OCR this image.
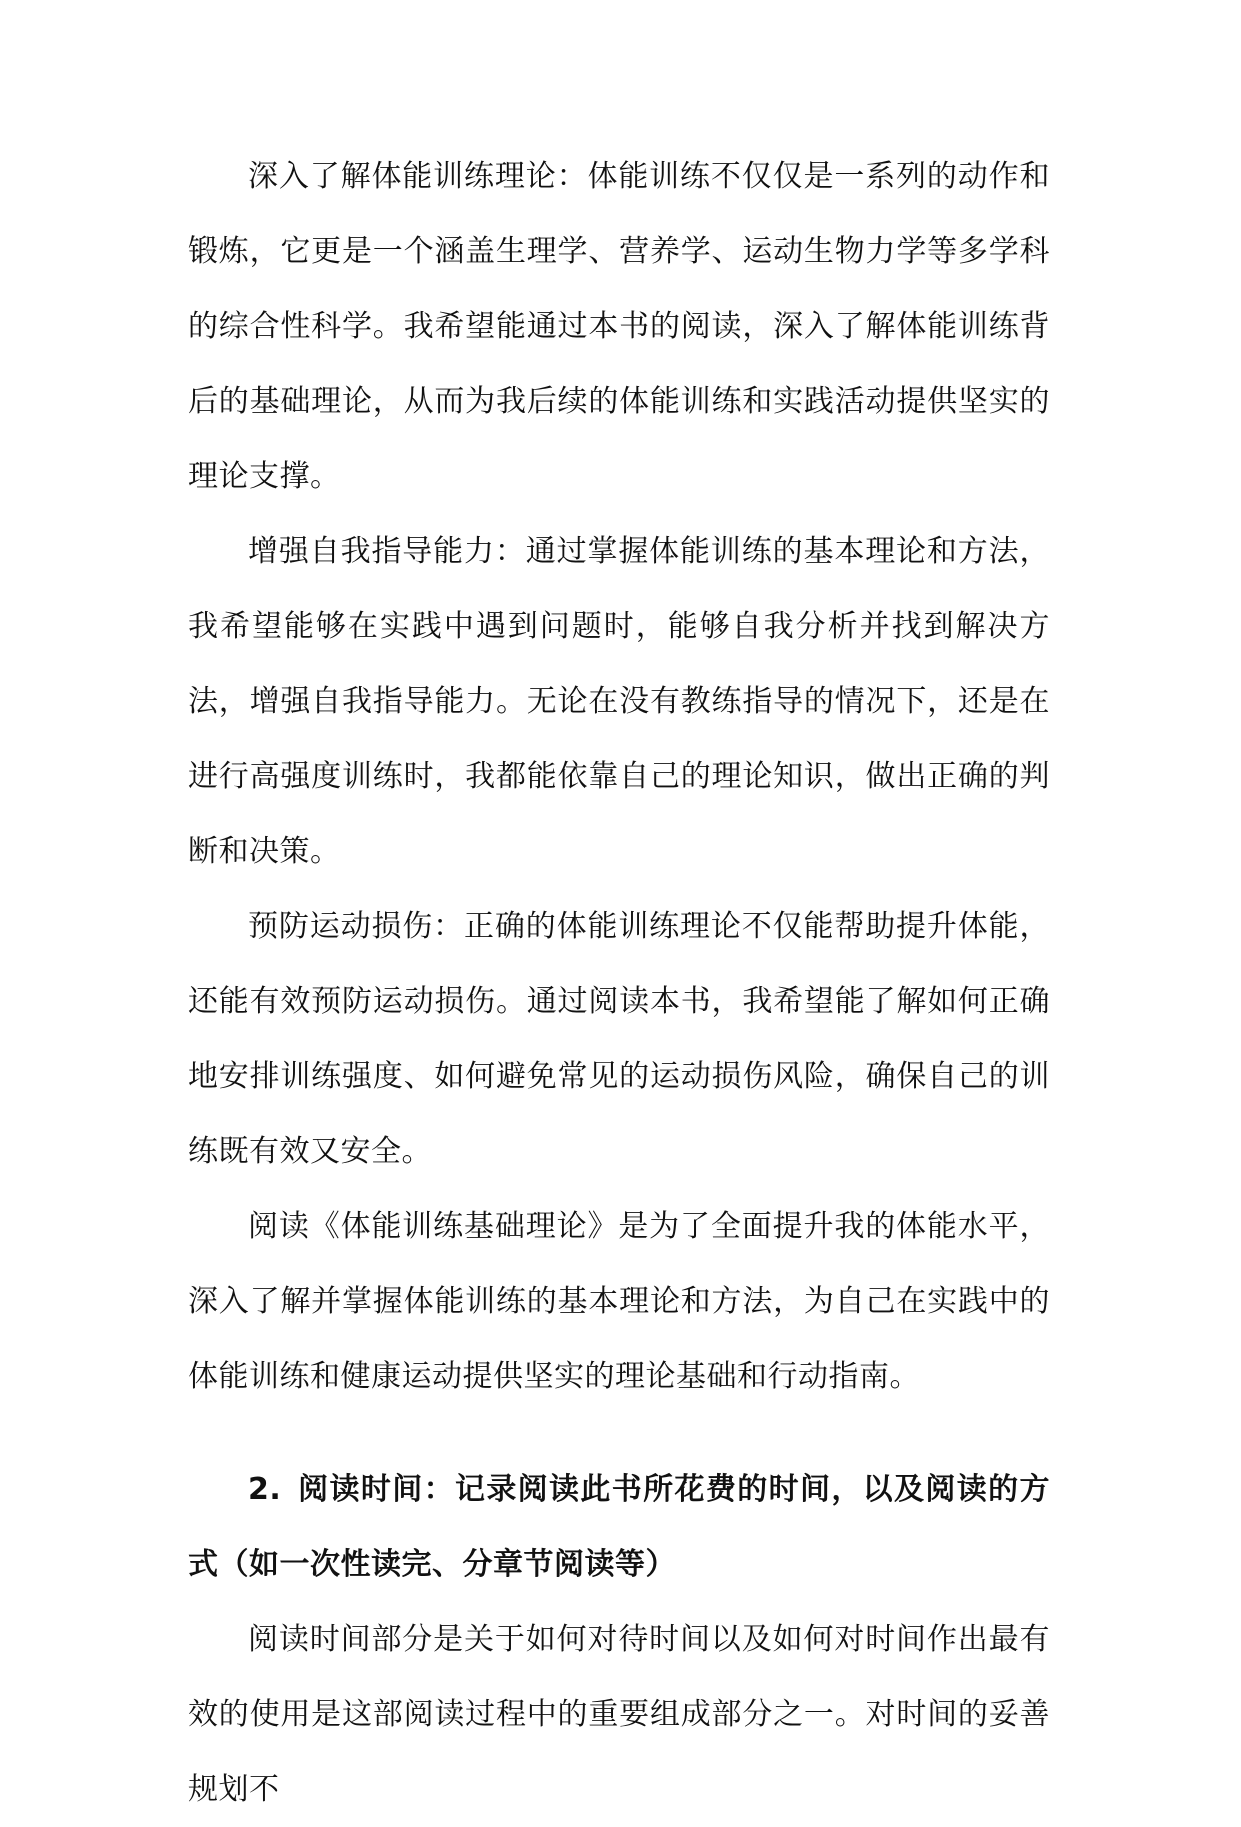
深入了解体能训练理论：体能训练不仅仅是一系列的动作和锻炼，它更是一个涵盖生理学、营养学、运动生物力学等多学科的综合性科学。我希望能通过本书的阅读，深入了解体能训练背后的基础理论，从而为我后续的体能训练和实践活动提供坚实的理论支撑。

增强自我指导能力：通过掌握体能训练的基本理论和方法，我希望能够在实践中遇到问题时，能够自我分析并找到解决方法，增强自我指导能力。无论在没有教练指导的情况下，还是在进行高强度训练时，我都能依靠自己的理论知识，做出正确的判断和决策。

预防运动损伤：正确的体能训练理论不仅能帮助提升体能，还能有效预防运动损伤。通过阅读本书，我希望能了解如何正确地安排训练强度、如何避免常见的运动损伤风险，确保自己的训练既有效又安全。

阅读《体能训练基础理论》是为了全面提升我的体能水平，深入了解并掌握体能训练的基本理论和方法，为自己在实践中的体能训练和健康运动提供坚实的理论基础和行动指南。

2. 阅读时间：记录阅读此书所花费的时间，以及阅读的方式（如一次性读完、分章节阅读等）

阅读时间部分是关于如何对待时间以及如何对时间作出最有效的使用是这部阅读过程中的重要组成部分之一。对时间的妥善规划不
